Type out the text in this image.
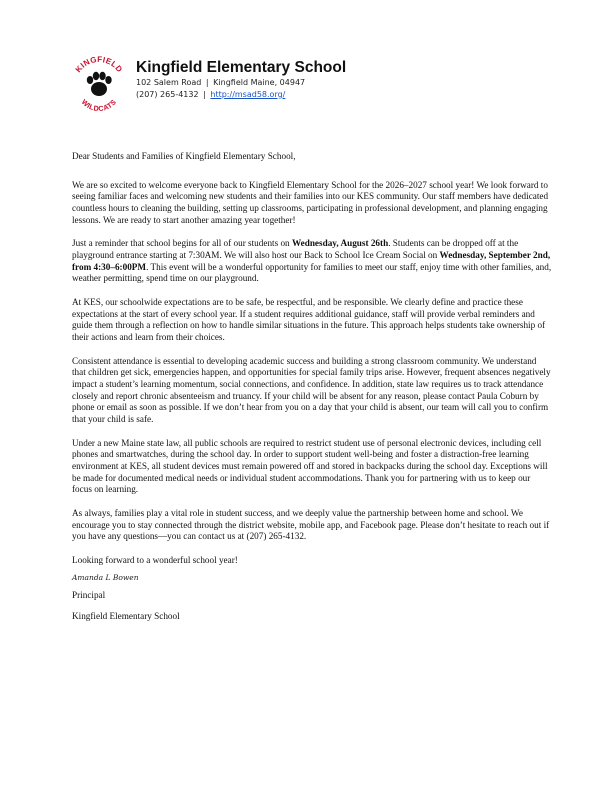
KINGFIELD
WILDCATS

Kingfield Elementary School

102 Salem Road | Kingfield Maine, 04947

(207) 265-4132 | http://msad58.org/

Dear Students and Families of Kingfield Elementary School,

We are so excited to welcome everyone back to Kingfield Elementary School for the 2026–2027 school year! We look forward to seeing familiar faces and welcoming new students and their families into our KES community. Our staff members have dedicated countless hours to cleaning the building, setting up classrooms, participating in professional development, and planning engaging lessons. We are ready to start another amazing year together!

Just a reminder that school begins for all of our students on Wednesday, August 26th. Students can be dropped off at the playground entrance starting at 7:30AM. We will also host our Back to School Ice Cream Social on Wednesday, September 2nd, from 4:30–6:00PM. This event will be a wonderful opportunity for families to meet our staff, enjoy time with other families, and, weather permitting, spend time on our playground.

At KES, our schoolwide expectations are to be safe, be respectful, and be responsible. We clearly define and practice these expectations at the start of every school year. If a student requires additional guidance, staff will provide verbal reminders and guide them through a reflection on how to handle similar situations in the future. This approach helps students take ownership of their actions and learn from their choices.

Consistent attendance is essential to developing academic success and building a strong classroom community. We understand that children get sick, emergencies happen, and opportunities for special family trips arise. However, frequent absences negatively impact a student’s learning momentum, social connections, and confidence. In addition, state law requires us to track attendance closely and report chronic absenteeism and truancy. If your child will be absent for any reason, please contact Paula Coburn by phone or email as soon as possible. If we don’t hear from you on a day that your child is absent, our team will call you to confirm that your child is safe.

Under a new Maine state law, all public schools are required to restrict student use of personal electronic devices, including cell phones and smartwatches, during the school day. In order to support student well-being and foster a distraction-free learning environment at KES, all student devices must remain powered off and stored in backpacks during the school day. Exceptions will be made for documented medical needs or individual student accommodations. Thank you for partnering with us to keep our focus on learning.

As always, families play a vital role in student success, and we deeply value the partnership between home and school. We encourage you to stay connected through the district website, mobile app, and Facebook page. Please don’t hesitate to reach out if you have any questions—you can contact us at (207) 265-4132.

Looking forward to a wonderful school year!

Amanda L Bowen

Principal

Kingfield Elementary School
